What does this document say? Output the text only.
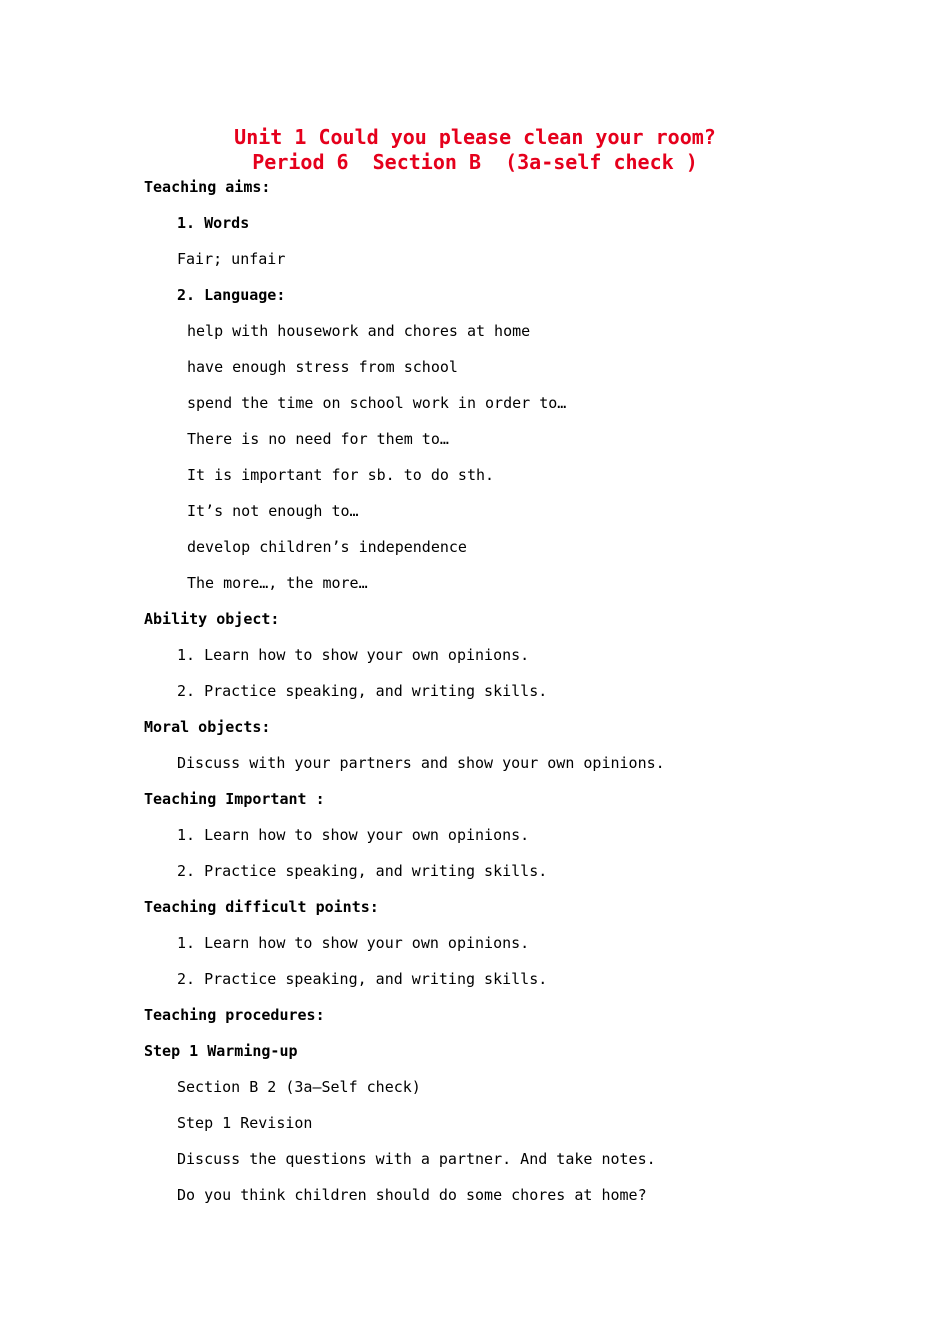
Unit 1 Could you please clean your room?
Period 6  Section B  (3a-self check )
Teaching aims:
1. Words
Fair; unfair
2. Language:
help with housework and chores at home
have enough stress from school
spend the time on school work in order to…
There is no need for them to…
It is important for sb. to do sth.
It’s not enough to…
develop children’s independence
The more…, the more…
Ability object:
1. Learn how to show your own opinions.
2. Practice speaking, and writing skills.
Moral objects:
Discuss with your partners and show your own opinions.
Teaching Important :
1. Learn how to show your own opinions.
2. Practice speaking, and writing skills.
Teaching difficult points:
1. Learn how to show your own opinions.
2. Practice speaking, and writing skills.
Teaching procedures:
Step 1 Warming-up
Section B 2 (3a—Self check)
Step 1 Revision
Discuss the questions with a partner. And take notes.
Do you think children should do some chores at home?
